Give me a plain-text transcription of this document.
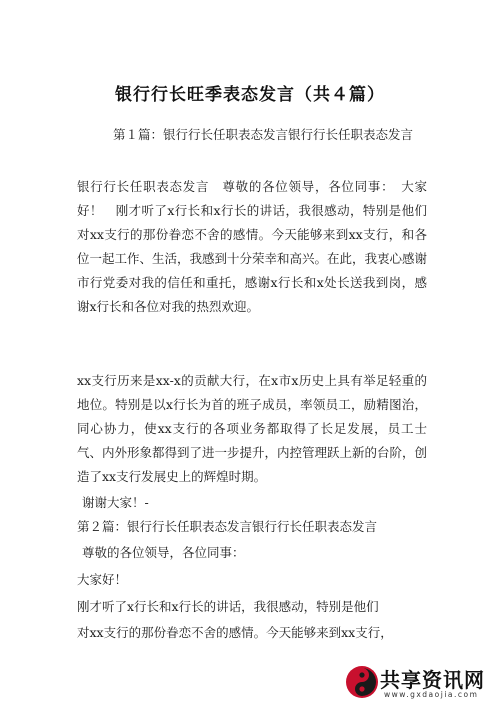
银行行长旺季表态发言（共４篇）

第１篇：银行行长任职表态发言银行行长任职表态发言

银行行长任职表态发言　尊敬的各位领导，各位同事：　大家好！　刚才听了x行长和x行长的讲话，我很感动，特别是他们对xx支行的那份眷恋不舍的感情。今天能够来到xx支行，和各位一起工作、生活，我感到十分荣幸和高兴。在此，我衷心感谢市行党委对我的信任和重托，感谢x行长和x处长送我到岗，感谢x行长和各位对我的热烈欢迎。

xx支行历来是xx-x的贡献大行，在x市x历史上具有举足轻重的地位。特别是以x行长为首的班子成员，率领员工，励精图治，同心协力，使xx支行的各项业务都取得了长足发展，员工士气、内外形象都得到了进一步提升，内控管理跃上新的台阶，创造了xx支行发展史上的辉煌时期。

谢谢大家！-
第２篇：银行行长任职表态发言银行行长任职表态发言
尊敬的各位领导，各位同事：
大家好！
刚才听了x行长和x行长的讲话，我很感动，特别是他们
对xx支行的那份眷恋不舍的感情。今天能够来到xx支行，
共享资讯网
www.gxdaojia.com
